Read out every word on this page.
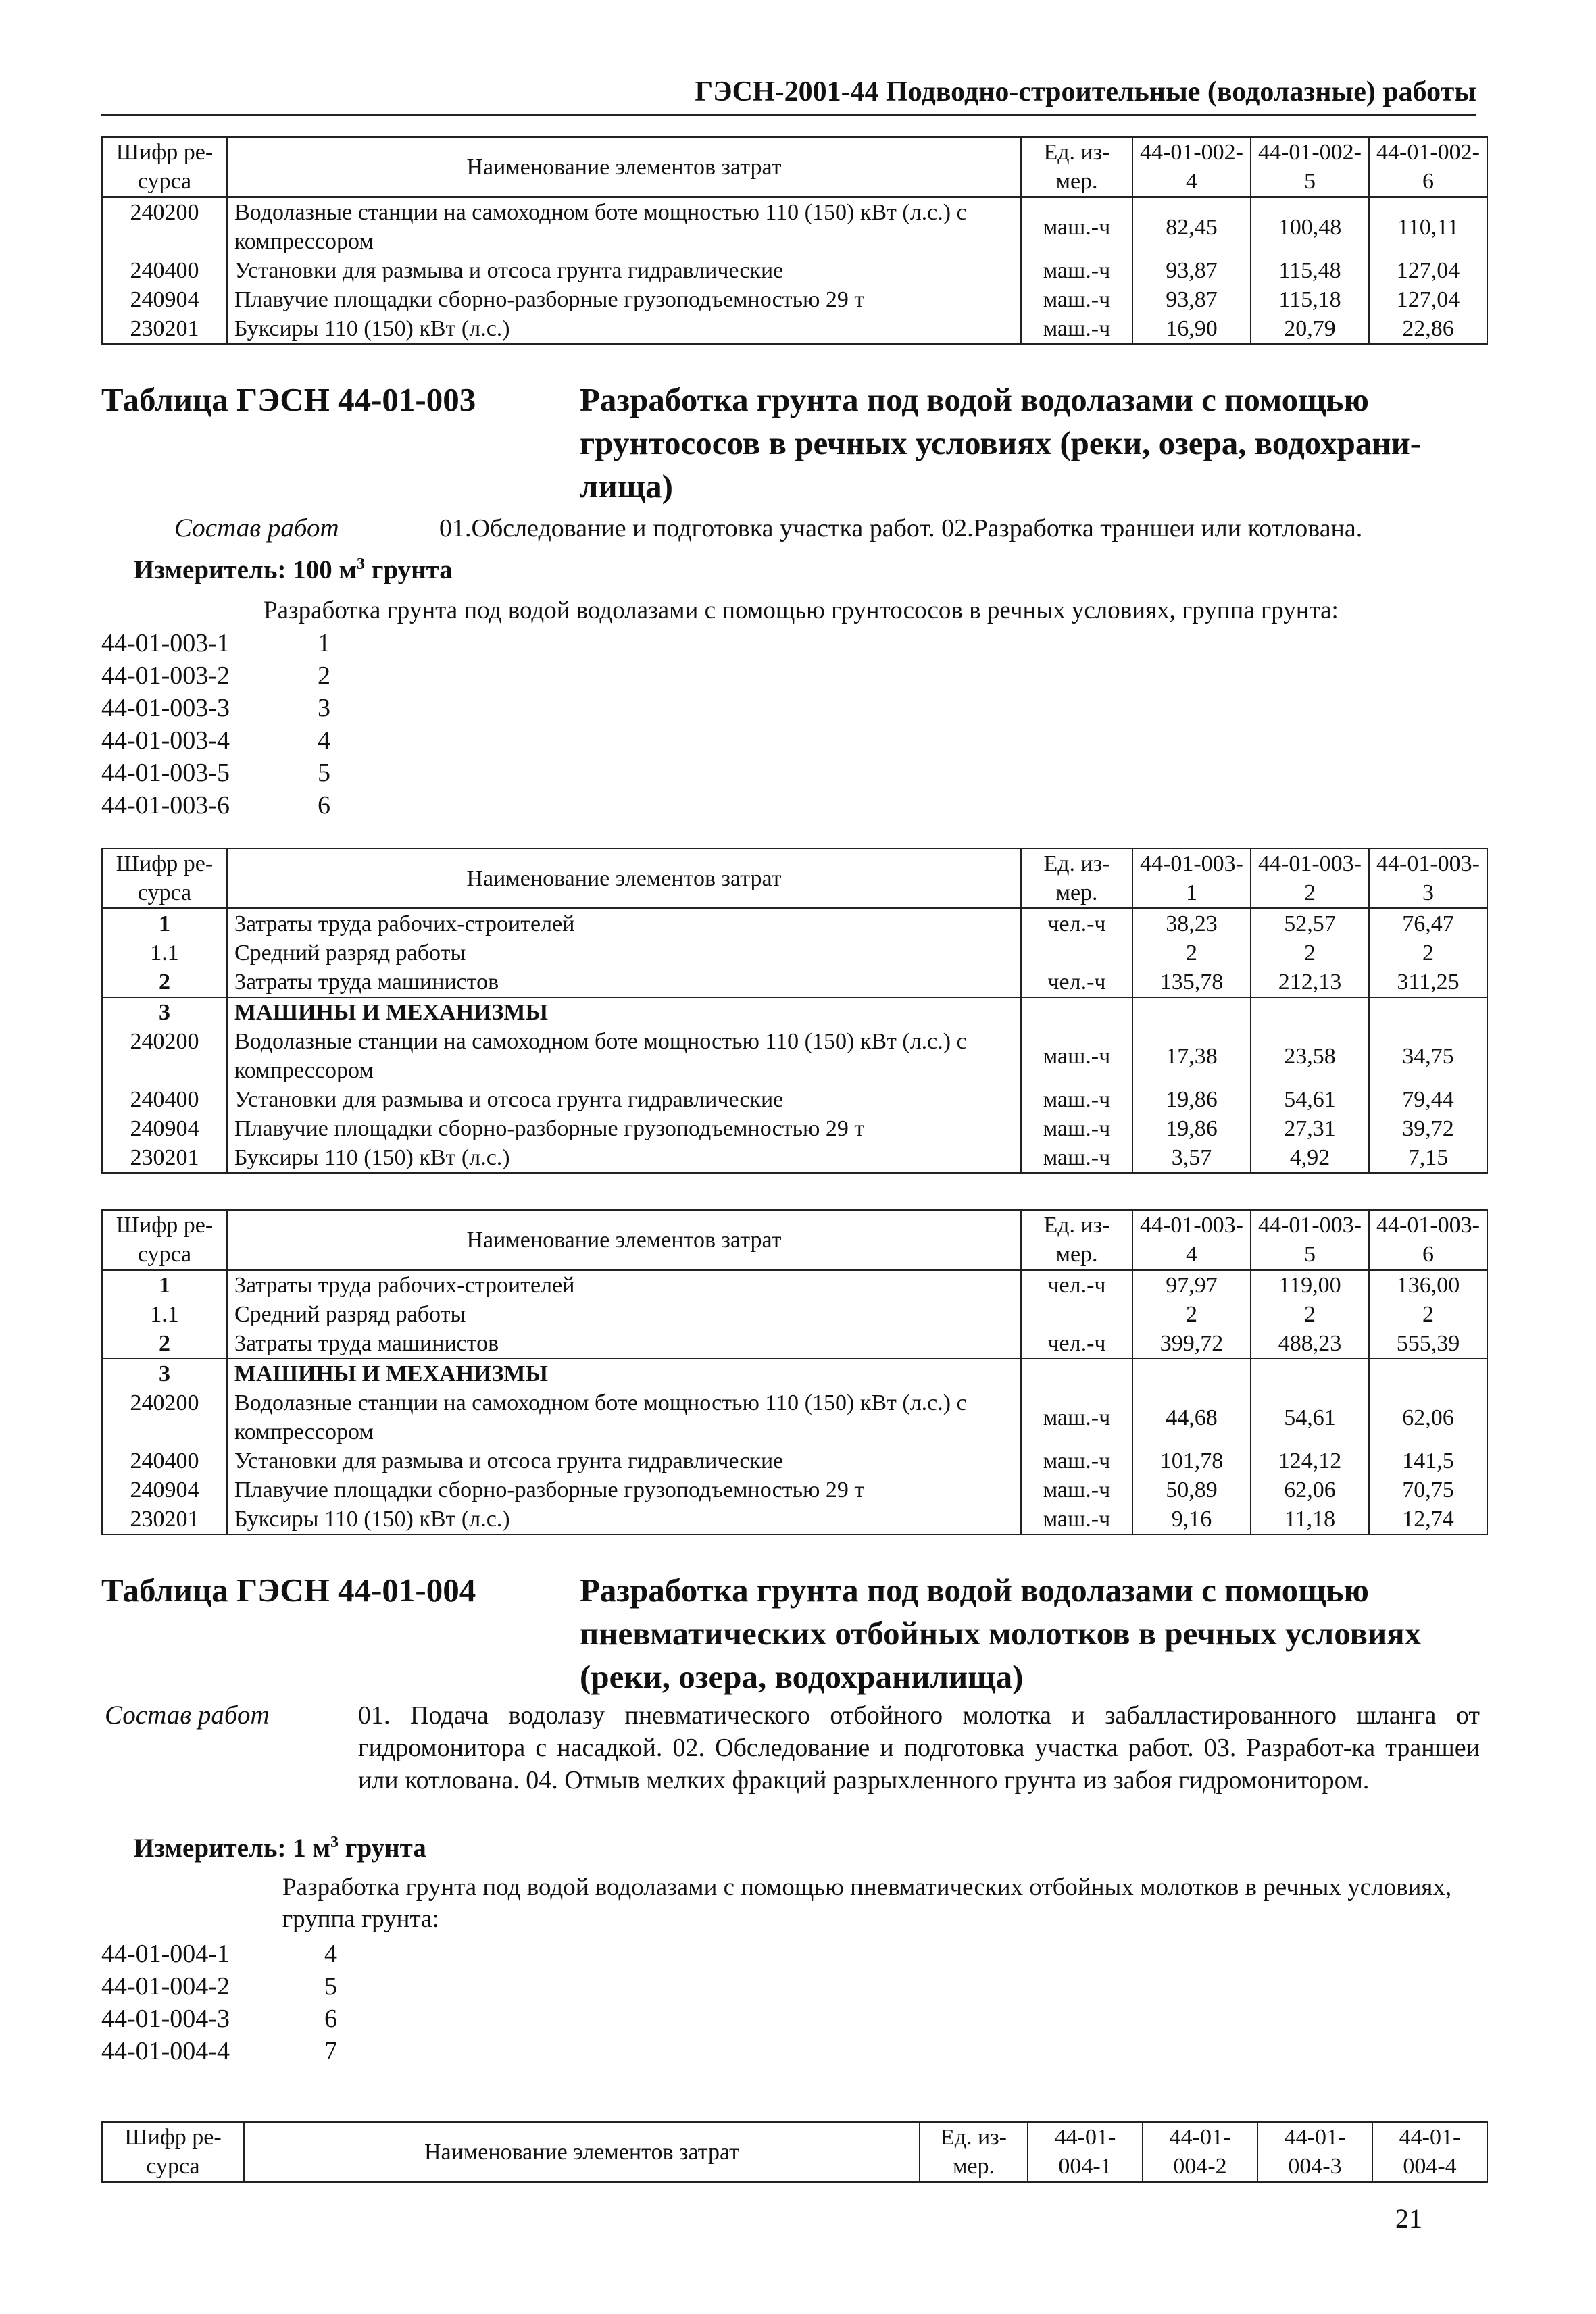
ГЭСН-2001-44 Подводно-строительные (водолазные) работы
Шифр ре-сурса	Наименование элементов затрат	Ед. из-мер.	44-01-002-4	44-01-002-5	44-01-002-6
240200	Водолазные станции на самоходном боте мощностью 110 (150) кВт (л.с.) с компрессором	маш.-ч	82,45	100,48	110,11
240400	Установки для размыва и отсоса грунта гидравлические	маш.-ч	93,87	115,48	127,04
240904	Плавучие площадки сборно-разборные грузоподъемностью 29 т	маш.-ч	93,87	115,18	127,04
230201	Буксиры 110 (150) кВт (л.с.)	маш.-ч	16,90	20,79	22,86
Таблица ГЭСН 44-01-003	Разработка грунта под водой водолазами с помощью грунтососов в речных условиях (реки, озера, водохрани-лища)
Состав работ	01.Обследование и подготовка участка работ. 02.Разработка траншеи или котлована.
Измеритель: 100 $м^3$ грунта
Разработка грунта под водой водолазами с помощью грунтососов в речных условиях, группа грунта:
44-01-003-1	1
44-01-003-2	2
44-01-003-3	3
44-01-003-4	4
44-01-003-5	5
44-01-003-6	6
Шифр ре-сурса	Наименование элементов затрат	Ед. из-мер.	44-01-003-1	44-01-003-2	44-01-003-3
1	Затраты труда рабочих-строителей	чел.-ч	38,23	52,57	76,47
1.1	Средний разряд работы		2	2	2
2	Затраты труда машинистов	чел.-ч	135,78	212,13	311,25
3	МАШИНЫ И МЕХАНИЗМЫ				
240200	Водолазные станции на самоходном боте мощностью 110 (150) кВт (л.с.) с компрессором	маш.-ч	17,38	23,58	34,75
240400	Установки для размыва и отсоса грунта гидравлические	маш.-ч	19,86	54,61	79,44
240904	Плавучие площадки сборно-разборные грузоподъемностью 29 т	маш.-ч	19,86	27,31	39,72
230201	Буксиры 110 (150) кВт (л.с.)	маш.-ч	3,57	4,92	7,15
Шифр ре-сурса	Наименование элементов затрат	Ед. из-мер.	44-01-003-4	44-01-003-5	44-01-003-6
1	Затраты труда рабочих-строителей	чел.-ч	97,97	119,00	136,00
1.1	Средний разряд работы		2	2	2
2	Затраты труда машинистов	чел.-ч	399,72	488,23	555,39
3	МАШИНЫ И МЕХАНИЗМЫ				
240200	Водолазные станции на самоходном боте мощностью 110 (150) кВт (л.с.) с компрессором	маш.-ч	44,68	54,61	62,06
240400	Установки для размыва и отсоса грунта гидравлические	маш.-ч	101,78	124,12	141,5
240904	Плавучие площадки сборно-разборные грузоподъемностью 29 т	маш.-ч	50,89	62,06	70,75
230201	Буксиры 110 (150) кВт (л.с.)	маш.-ч	9,16	11,18	12,74
Таблица ГЭСН 44-01-004	Разработка грунта под водой водолазами с помощью пневматических отбойных молотков в речных условиях (реки, озера, водохранилища)
Состав работ	01. Подача водолазу пневматического отбойного молотка и забалластированного шланга от гидромонитора с насадкой. 02. Обследование и подготовка участка работ. 03. Разработ-ка траншеи или котлована. 04. Отмыв мелких фракций разрыхленного грунта из забоя гидромонитором.
Измеритель: 1 $м^3$ грунта
Разработка грунта под водой водолазами с помощью пневматических отбойных молотков в речных условиях, группа грунта:
44-01-004-1	4
44-01-004-2	5
44-01-004-3	6
44-01-004-4	7
Шифр ре-сурса	Наименование элементов затрат	Ед. из-мер.	44-01-004-1	44-01-004-2	44-01-004-3	44-01-004-4
21
